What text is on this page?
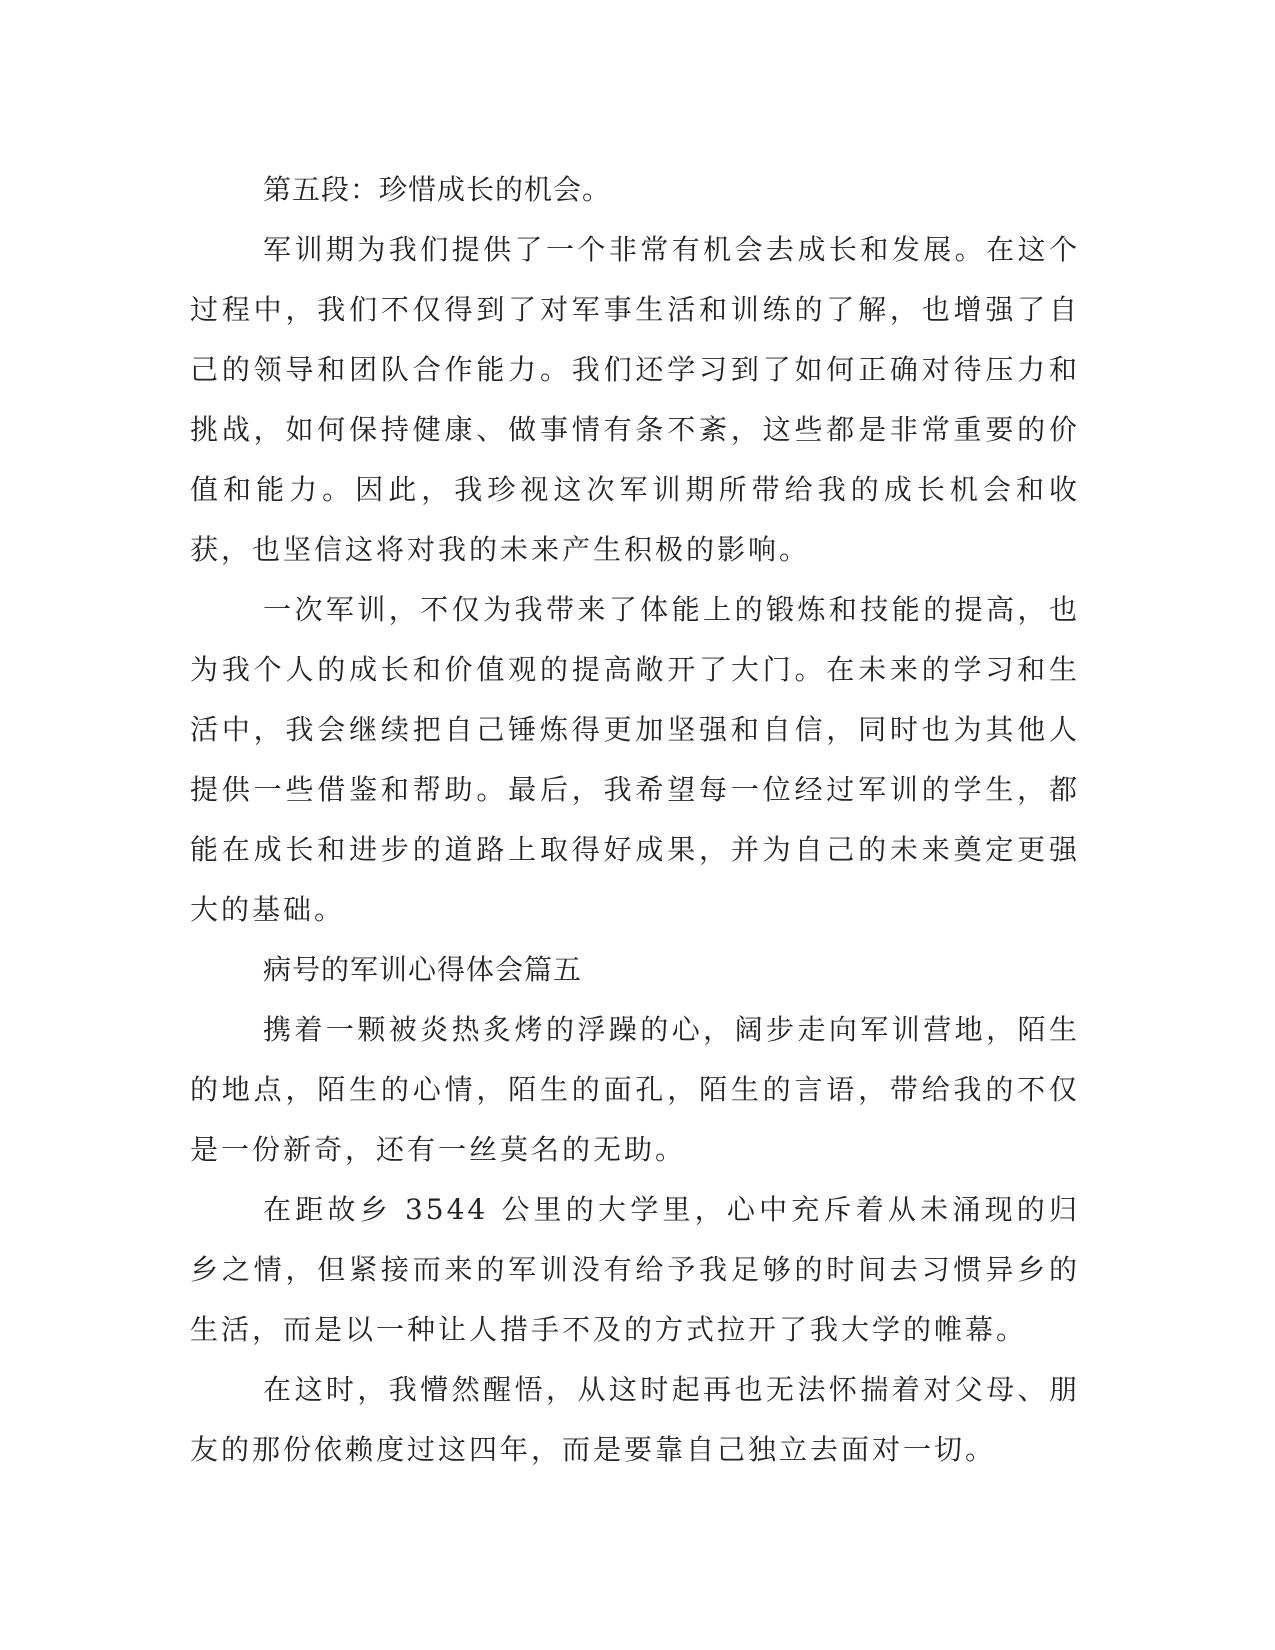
第五段：珍惜成长的机会。

军训期为我们提供了一个非常有机会去成长和发展。在这个过程中，我们不仅得到了对军事生活和训练的了解，也增强了自己的领导和团队合作能力。我们还学习到了如何正确对待压力和挑战，如何保持健康、做事情有条不紊，这些都是非常重要的价值和能力。因此，我珍视这次军训期所带给我的成长机会和收获，也坚信这将对我的未来产生积极的影响。

一次军训，不仅为我带来了体能上的锻炼和技能的提高，也为我个人的成长和价值观的提高敞开了大门。在未来的学习和生活中，我会继续把自己锤炼得更加坚强和自信，同时也为其他人提供一些借鉴和帮助。最后，我希望每一位经过军训的学生，都能在成长和进步的道路上取得好成果，并为自己的未来奠定更强大的基础。

病号的军训心得体会篇五

携着一颗被炎热炙烤的浮躁的心，阔步走向军训营地，陌生的地点，陌生的心情，陌生的面孔，陌生的言语，带给我的不仅是一份新奇，还有一丝莫名的无助。

在距故乡 3544 公里的大学里，心中充斥着从未涌现的归乡之情，但紧接而来的军训没有给予我足够的时间去习惯异乡的生活，而是以一种让人措手不及的方式拉开了我大学的帷幕。

在这时，我懵然醒悟，从这时起再也无法怀揣着对父母、朋友的那份依赖度过这四年，而是要靠自己独立去面对一切。
